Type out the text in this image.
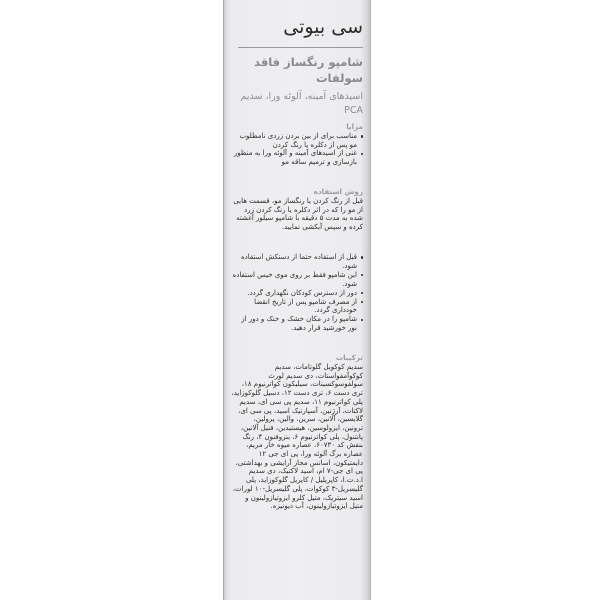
سی بیوتی
شامپو رنگساز فاقد سولفات
اسیدهای آمینه، آلوئه ورا، سدیم PCA
مزایا
مناسب برای از بین بردن زردی نامطلوب مو پس از دکلره یا رنگ کردن
غنی از اسیدهای آمینه و آلوئه ورا به منظور بازسازی و ترمیم ساقه مو
روش استفاده
قبل از رنگ کردن یا رنگساز مو، قسمت هایی از مو را که در اثر دکلره یا رنگ کردن زرد شده به مدت ۵ دقیقه با شامپو سیلور آغشته کرده و سپس آبکشی نمایید.
قبل از استفاده حتما از دستکش استفاده شود.
این شامپو فقط بر روی موی خیس استفاده شود.
دور از دسترس کودکان نگهداری گردد.
از مصرف شامپو پس از تاریخ انقضا خودداری گردد.
شامپو را در مکان خشک و خنک و دور از نور خورشید قرار دهید.
ترکیبات
سدیم کوکویل گلوتامات، سدیم کوکوآمفواستات، دی سدیم لورث سولفوسوکسینات، سیلیکون کواترنیوم ۱۸، تری دست ۶، تری دست ۱۲، دسیل گلوکوزاید، پلی کواترنیوم ۱۱، سدیم پی سی ای، سدیم لاکتات، آرژنین، آسپارتیک اسید، پی سی ای، گلایسین، آلانین، سرین، والین، پرولین، ترونین، ایزولوسین، هیستیدین، فنیل آلانین، پانتنول، پلی کواترنیوم ۶، بنزوفنون ۴، رنگ بنفش کد ۶۰۷۳۰، عصاره میوه خار مریم، عصاره برگ آلوئه ورا، پی ای جی ۱۲ دایمتیکون، اسانس مجاز آرایشی و بهداشتی، پی ای جی-۷ ام، اسید لاکتیک، دی سدیم ا.د.ت.ا، کاپریلیل / کاپریل گلوکوزاید، پلی گلیسریل-۳ کوکوات، پلی گلیسریل-۱۰ لورات، اسید سیتریک، متیل کلرو ایزوتیازولینون و متیل ایزوتیازولینون، آب دیونیزه.
